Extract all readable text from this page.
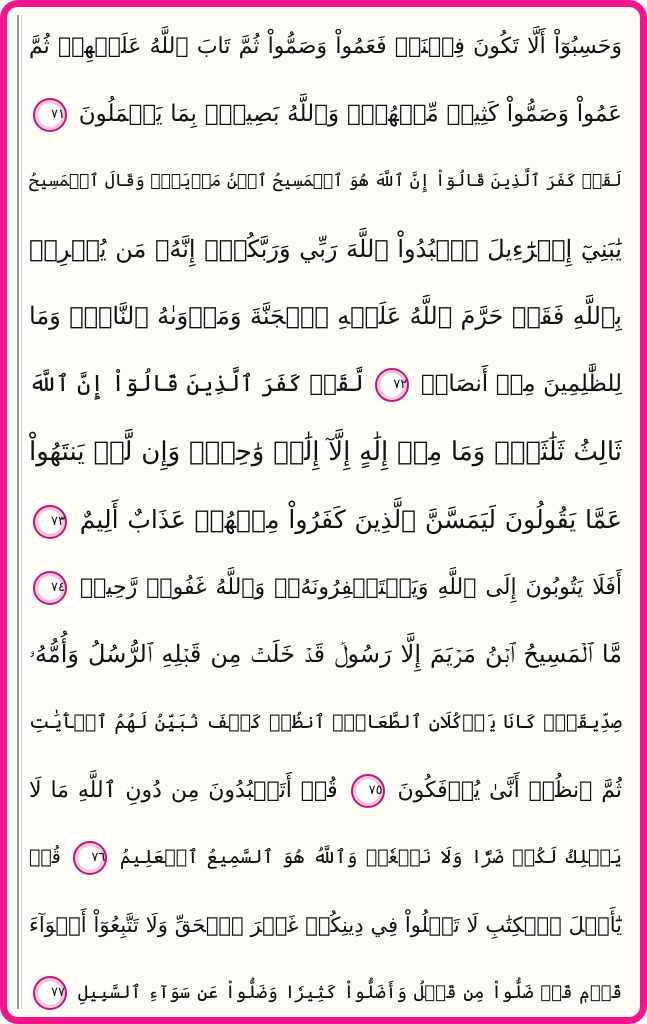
وَحَسِبُوٓاْ أَلَّا تَكُونَ فِتۡنَةٞ فَعَمُواْ وَصَمُّواْ ثُمَّ تَابَ ٱللَّهُ عَلَيۡهِمۡ ثُمَّ
عَمُواْ وَصَمُّواْ كَثِيرٞ مِّنۡهُمۡۚ وَٱللَّهُ بَصِيرُۢ بِمَا يَعۡمَلُونَ ٧١
لَقَدۡ كَفَرَ ٱلَّذِينَ قَالُوٓاْ إِنَّ ٱللَّهَ هُوَ ٱلۡمَسِيحُ ٱبۡنُ مَرۡيَمَۖ وَقَالَ ٱلۡمَسِيحُ
يَٰبَنِيٓ إِسۡرَٰٓءِيلَ ٱعۡبُدُواْ ٱللَّهَ رَبِّي وَرَبَّكُمۡۖ إِنَّهُۥ مَن يُشۡرِكۡ
بِٱللَّهِ فَقَدۡ حَرَّمَ ٱللَّهُ عَلَيۡهِ ٱلۡجَنَّةَ وَمَأۡوَىٰهُ ٱلنَّارُۖ وَمَا
لِلظَّٰلِمِينَ مِنۡ أَنصَارٖ ٧٢ لَّقَدۡ كَفَرَ ٱلَّذِينَ قَالُوٓاْ إِنَّ ٱللَّهَ
ثَالِثُ ثَلَٰثَةٖۘ وَمَا مِنۡ إِلَٰهٍ إِلَّآ إِلَٰهٞ وَٰحِدٞۚ وَإِن لَّمۡ يَنتَهُواْ
عَمَّا يَقُولُونَ لَيَمَسَّنَّ ٱلَّذِينَ كَفَرُواْ مِنۡهُمۡ عَذَابٌ أَلِيمٌ ٧٣
أَفَلَا يَتُوبُونَ إِلَى ٱللَّهِ وَيَسۡتَغۡفِرُونَهُۥۚ وَٱللَّهُ غَفُورٞ رَّحِيمٞ ٧٤
مَّا ٱلۡمَسِيحُ ٱبۡنُ مَرۡيَمَ إِلَّا رَسُولٞ قَدۡ خَلَتۡ مِن قَبۡلِهِ ٱلرُّسُلُ وَأُمُّهُۥ
صِدِّيقَةٞۖ كَانَا يَأۡكُلَانِ ٱلطَّعَامَۗ ٱنظُرۡ كَيۡفَ نُبَيِّنُ لَهُمُ ٱلۡأٓيَٰتِ
ثُمَّ ٱنظُرۡ أَنَّىٰ يُؤۡفَكُونَ ٧٥ قُلۡ أَتَعۡبُدُونَ مِن دُونِ ٱللَّهِ مَا لَا
يَمۡلِكُ لَكُمۡ ضَرّٗا وَلَا نَفۡعٗاۚ وَٱللَّهُ هُوَ ٱلسَّمِيعُ ٱلۡعَلِيمُ ٧٦ قُلۡ
يَٰٓأَهۡلَ ٱلۡكِتَٰبِ لَا تَغۡلُواْ فِي دِينِكُمۡ غَيۡرَ ٱلۡحَقِّ وَلَا تَتَّبِعُوٓاْ أَهۡوَآءَ
قَوۡمٖ قَدۡ ضَلُّواْ مِن قَبۡلُ وَأَضَلُّواْ كَثِيرٗا وَضَلُّواْ عَن سَوَآءِ ٱلسَّبِيلِ ٧٧
